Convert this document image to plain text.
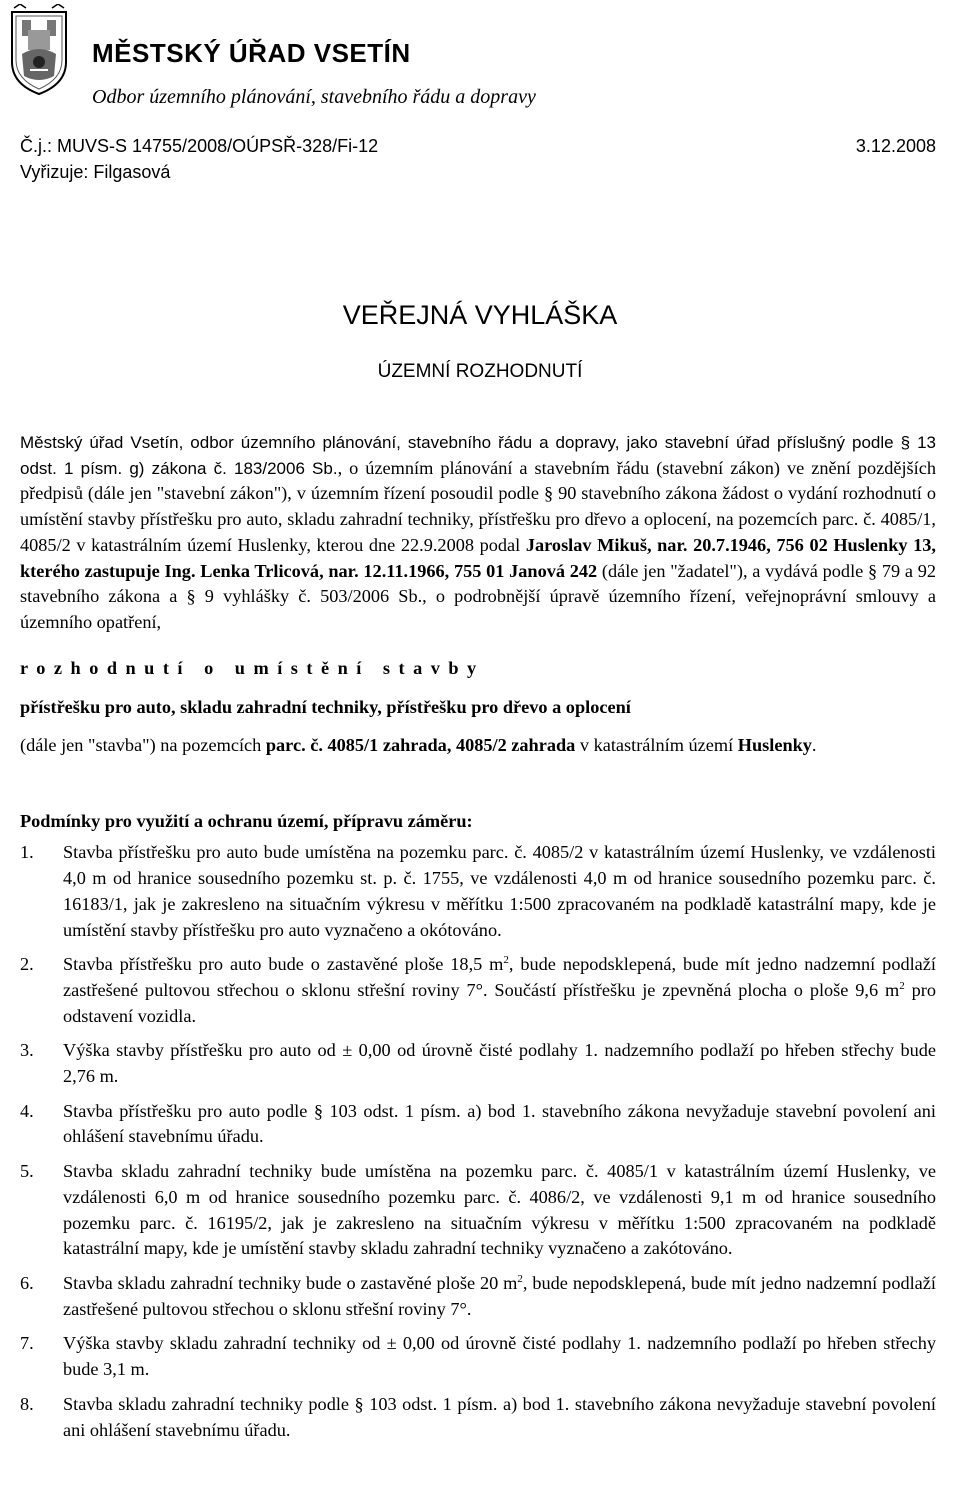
MĚSTSKÝ ÚŘAD VSETÍN
Odbor územního plánování, stavebního řádu a dopravy
Č.j.: MUVS-S 14755/2008/OÚPSŘ-328/Fi-12	3.12.2008
Vyřizuje: Filgasová
VEŘEJNÁ VYHLÁŠKA
ÚZEMNÍ ROZHODNUTÍ

Městský úřad Vsetín, odbor územního plánování, stavebního řádu a dopravy, jako stavební úřad příslušný podle § 13 odst. 1 písm. g) zákona č. 183/2006 Sb., o územním plánování a stavebním řádu (stavební zákon) ve znění pozdějších předpisů (dále jen "stavební zákon"), v územním řízení posoudil podle § 90 stavebního zákona žádost o vydání rozhodnutí o umístění stavby přístřešku pro auto, skladu zahradní techniky, přístřešku pro dřevo a oplocení, na pozemcích parc. č. 4085/1, 4085/2 v katastrálním území Huslenky, kterou dne 22.9.2008 podal Jaroslav Mikuš, nar. 20.7.1946, 756 02 Huslenky 13, kterého zastupuje Ing. Lenka Trlicová, nar. 12.11.1966, 755 01 Janová 242 (dále jen "žadatel"), a vydává podle § 79 a 92 stavebního zákona a § 9 vyhlášky č. 503/2006 Sb., o podrobnější úpravě územního řízení, veřejnoprávní smlouvy a územního opatření,

rozhodnutí o umístění stavby

přístřešku pro auto, skladu zahradní techniky, přístřešku pro dřevo a oplocení

(dále jen "stavba") na pozemcích parc. č. 4085/1 zahrada, 4085/2 zahrada v katastrálním území Huslenky.

Podmínky pro využití a ochranu území, přípravu záměru:

1.	Stavba přístřešku pro auto bude umístěna na pozemku parc. č. 4085/2 v katastrálním území Huslenky, ve vzdálenosti 4,0 m od hranice sousedního pozemku st. p. č. 1755, ve vzdálenosti 4,0 m od hranice sousedního pozemku parc. č. 16183/1, jak je zakresleno na situačním výkresu v měřítku 1:500 zpracovaném na podkladě katastrální mapy, kde je umístění stavby přístřešku pro auto vyznačeno a okótováno.
2.	Stavba přístřešku pro auto bude o zastavěné ploše 18,5 $m^2$, bude nepodsklepená, bude mít jedno nadzemní podlaží zastřešené pultovou střechou o sklonu střešní roviny 7°. Součástí přístřešku je zpevněná plocha o ploše 9,6 $m^2$ pro odstavení vozidla.
3.	Výška stavby přístřešku pro auto od ± 0,00 od úrovně čisté podlahy 1. nadzemního podlaží po hřeben střechy bude 2,76 m.
4.	Stavba přístřešku pro auto podle § 103 odst. 1 písm. a) bod 1. stavebního zákona nevyžaduje stavební povolení ani ohlášení stavebnímu úřadu.
5.	Stavba skladu zahradní techniky bude umístěna na pozemku parc. č. 4085/1 v katastrálním území Huslenky, ve vzdálenosti 6,0 m od hranice sousedního pozemku parc. č. 4086/2, ve vzdálenosti 9,1 m od hranice sousedního pozemku parc. č. 16195/2, jak je zakresleno na situačním výkresu v měřítku 1:500 zpracovaném na podkladě katastrální mapy, kde je umístění stavby skladu zahradní techniky vyznačeno a zakótováno.
6.	Stavba skladu zahradní techniky bude o zastavěné ploše 20 $m^2$, bude nepodsklepená, bude mít jedno nadzemní podlaží zastřešené pultovou střechou o sklonu střešní roviny 7°.
7.	Výška stavby skladu zahradní techniky od ± 0,00 od úrovně čisté podlahy 1. nadzemního podlaží po hřeben střechy bude 3,1 m.
8.	Stavba skladu zahradní techniky podle § 103 odst. 1 písm. a) bod 1. stavebního zákona nevyžaduje stavební povolení ani ohlášení stavebnímu úřadu.
